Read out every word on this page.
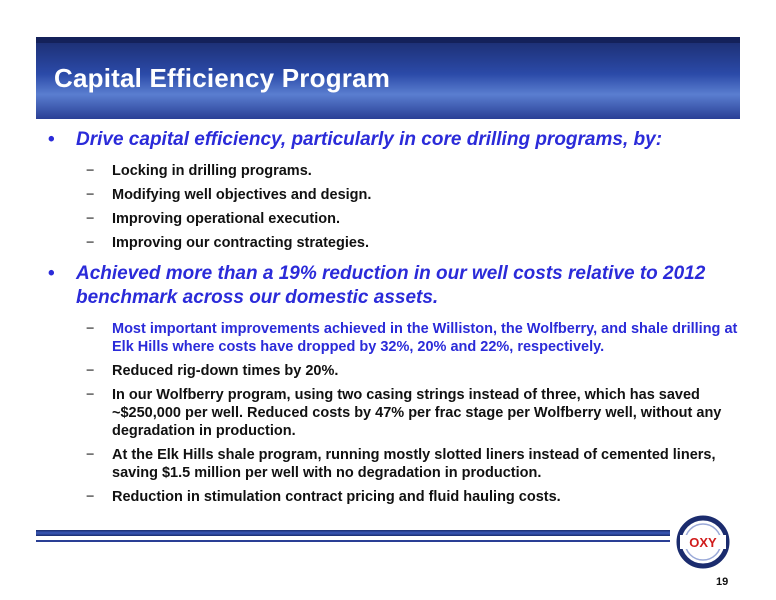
Capital Efficiency Program
• Drive capital efficiency, particularly in core drilling programs, by:
− Locking in drilling programs.
− Modifying well objectives and design.
− Improving operational execution.
− Improving our contracting strategies.
• Achieved more than a 19% reduction in our well costs relative to 2012 benchmark across our domestic assets.
− Most important improvements achieved in the Williston, the Wolfberry, and shale drilling at Elk Hills where costs have dropped by 32%, 20% and 22%, respectively.
− Reduced rig-down times by 20%.
− In our Wolfberry program, using two casing strings instead of three, which has saved ~$250,000 per well. Reduced costs by 47% per frac stage per Wolfberry well, without any degradation in production.
− At the Elk Hills shale program, running mostly slotted liners instead of cemented liners, saving $1.5 million per well with no degradation in production.
− Reduction in stimulation contract pricing and fluid hauling costs.
OXY
19
